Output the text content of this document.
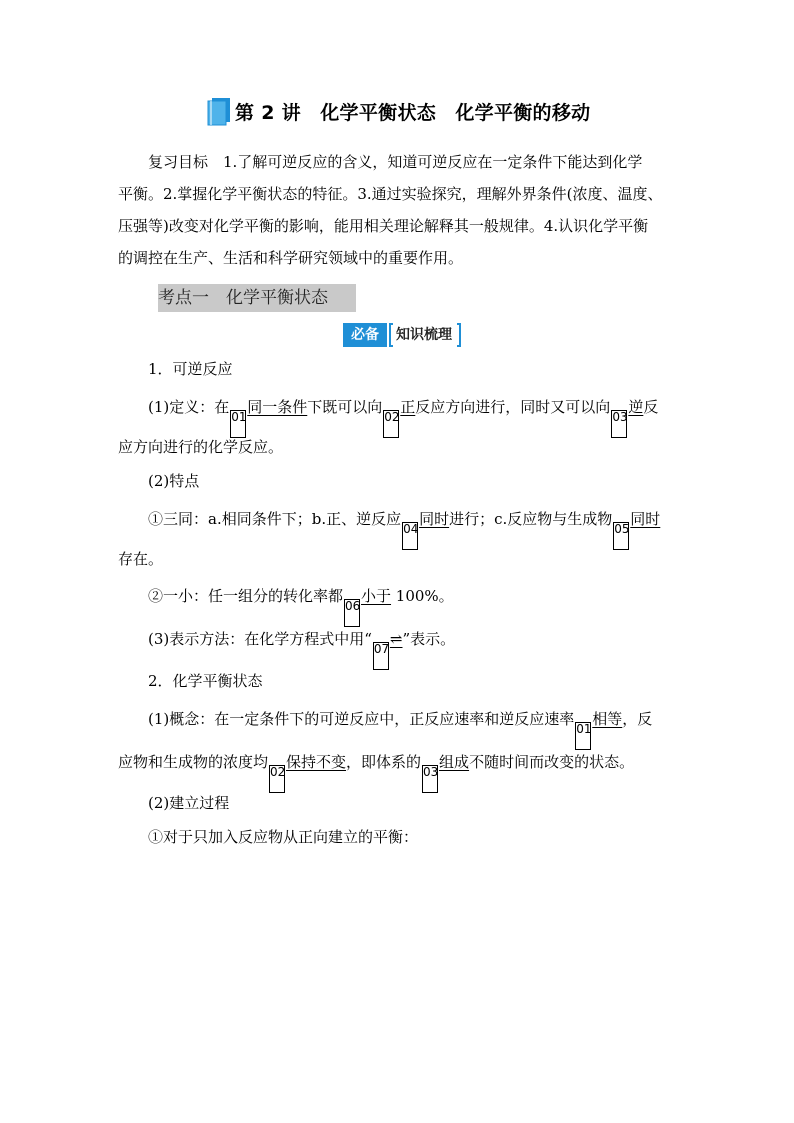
第 2 讲　化学平衡状态　化学平衡的移动
复习目标　1.了解可逆反应的含义，知道可逆反应在一定条件下能达到化学
平衡。2.掌握化学平衡状态的特征。3.通过实验探究，理解外界条件(浓度、温度、
压强等)改变对化学平衡的影响，能用相关理论解释其一般规律。4.认识化学平衡
的调控在生产、生活和科学研究领域中的重要作用。
考点一　化学平衡状态
必备	知识梳理
1．可逆反应
(1)定义：在01同一条件下既可以向02正反应方向进行，同时又可以向03逆反
应方向进行的化学反应。
(2)特点
①三同：a.相同条件下；b.正、逆反应04同时进行；c.反应物与生成物05同时
存在。
②一小：任一组分的转化率都06小于 100%。
(3)表示方法：在化学方程式中用“07⇌”表示。
2．化学平衡状态
(1)概念：在一定条件下的可逆反应中，正反应速率和逆反应速率01相等，反
应物和生成物的浓度均02保持不变，即体系的03组成不随时间而改变的状态。
(2)建立过程
①对于只加入反应物从正向建立的平衡：
